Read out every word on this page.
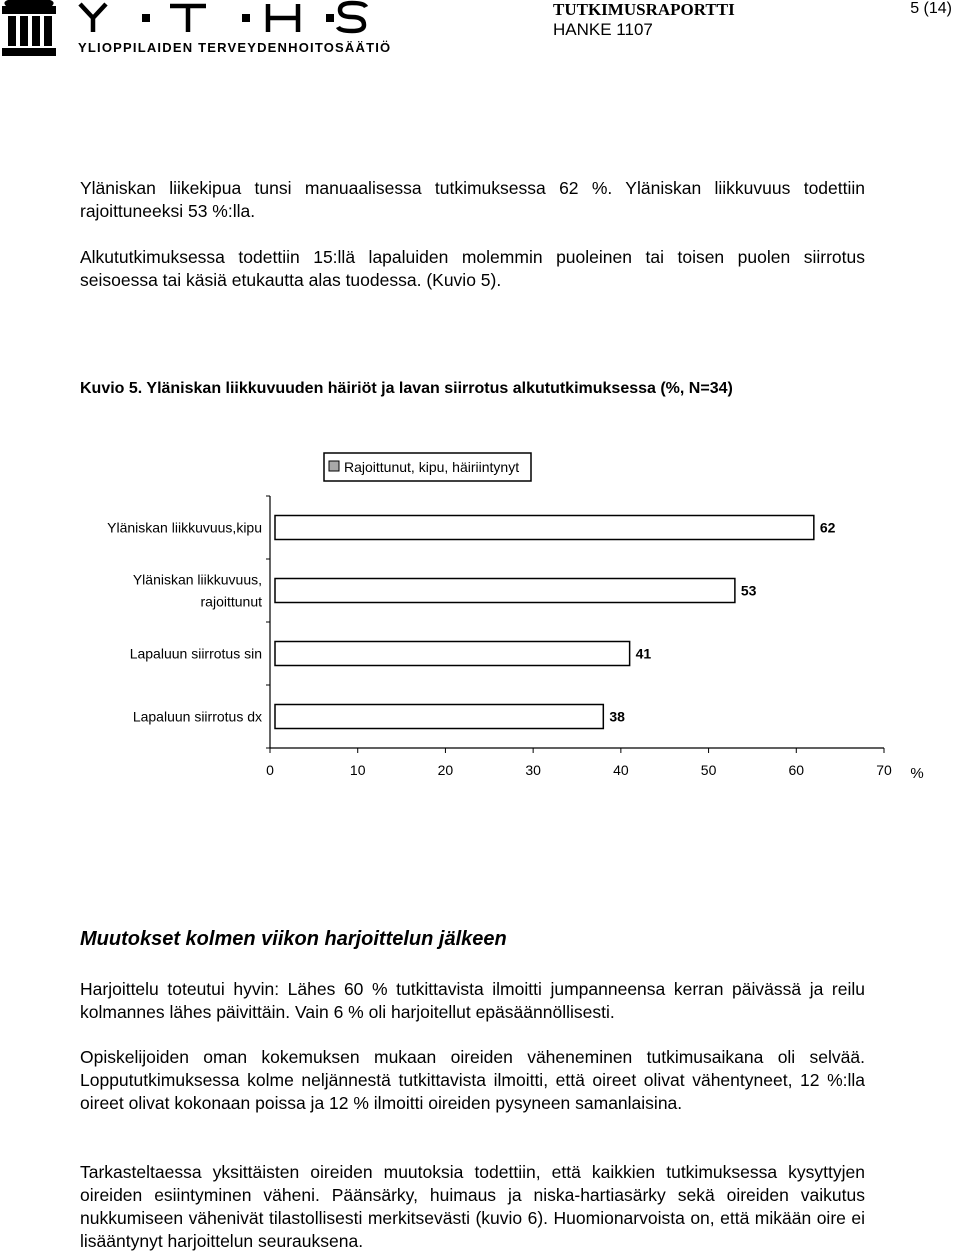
YLIOPPILAIDEN TERVEYDENHOITOSÄÄTIÖ
TUTKIMUSRAPORTTI	5 (14)
HANKE 1107

Yläniskan liikekipua tunsi manuaalisessa tutkimuksessa 62 %. Yläniskan liikkuvuus todettiin rajoittuneeksi 53 %:lla.

Alkututkimuksessa todettiin 15:llä lapaluiden molemmin puoleinen tai toisen puolen siirrotus seisoessa tai käsiä etukautta alas tuodessa. (Kuvio 5).

Kuvio 5. Yläniskan liikkuvuuden häiriöt ja lavan siirrotus alkututkimuksessa (%, N=34)
Rajoittunut, kipu, häiriintynyt
0	10	20	30	40	50	60	70 %
62
Yläniskan liikkuvuus,kipu
53
Yläniskan liikkuvuus,
rajoittunut
41
Lapaluun siirrotus sin
38
Lapaluun siirrotus dx
Muutokset kolmen viikon harjoittelun jälkeen

Harjoittelu toteutui hyvin: Lähes 60 % tutkittavista ilmoitti jumpanneensa kerran päivässä ja reilu kolmannes lähes päivittäin. Vain 6 % oli harjoitellut epäsäännöllisesti.

Opiskelijoiden oman kokemuksen mukaan oireiden väheneminen tutkimusaikana oli selvää. Loppututkimuksessa kolme neljännestä tutkittavista ilmoitti, että oireet olivat vähentyneet, 12 %:lla oireet olivat kokonaan poissa ja 12 % ilmoitti oireiden pysyneen samanlaisina.

Tarkasteltaessa yksittäisten oireiden muutoksia todettiin, että kaikkien tutkimuksessa kysyttyjen oireiden esiintyminen väheni. Päänsärky, huimaus ja niska-hartiasärky sekä oireiden vaikutus nukkumiseen vähenivät tilastollisesti merkitsevästi (kuvio 6). Huomionarvoista on, että mikään oire ei lisääntynyt harjoittelun seurauksena.
